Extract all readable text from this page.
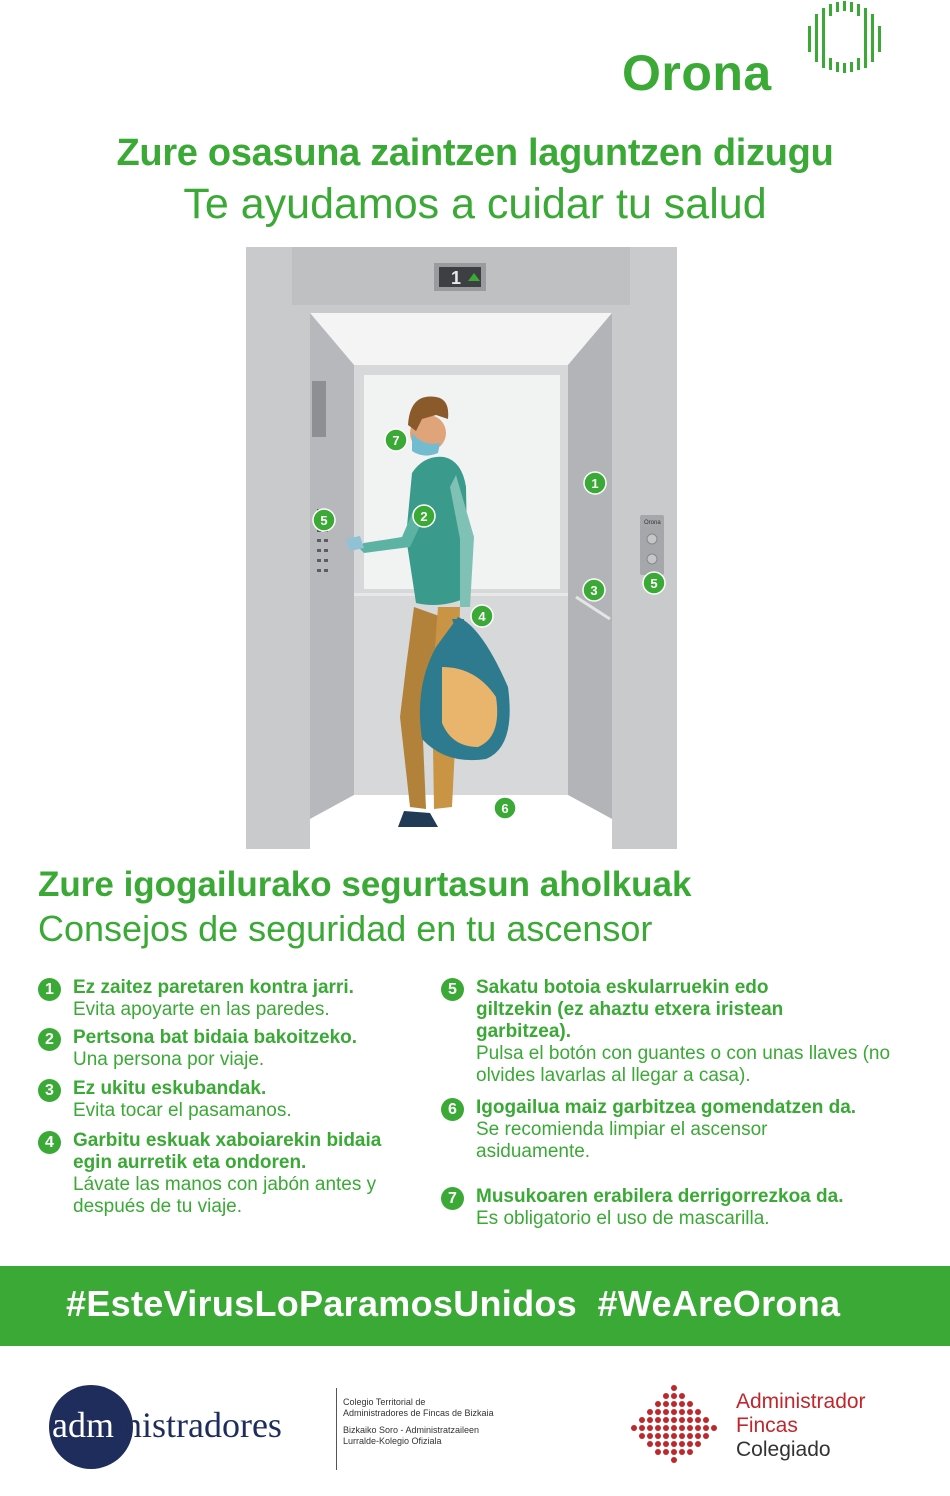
Orona
Zure osasuna zaintzen laguntzen dizugu
Te ayudamos a cuidar tu salud
1
Orona
1
2
3
4
5
5
6
7
Zure igogailurako segurtasun aholkuak
Consejos de seguridad en tu ascensor
1	Ez zaitez paretaren kontra jarri.
Evita apoyarte en las paredes.
2	Pertsona bat bidaia bakoitzeko.
Una persona por viaje.
3	Ez ukitu eskubandak.
Evita tocar el pasamanos.
4	Garbitu eskuak xaboiarekin bidaia egin aurretik eta ondoren.
Lávate las manos con jabón antes y después de tu viaje.
5	Sakatu botoia eskularruekin edo giltzekin (ez ahaztu etxera iristean garbitzea).
Pulsa el botón con guantes o con unas llaves (no olvides lavarlas al llegar a casa).
6	Igogailua maiz garbitzea gomendatzen da.
Se recomienda limpiar el ascensor asiduamente.
7	Musukoaren erabilera derrigorrezkoa da.
Es obligatorio el uso de mascarilla.
#EsteVirusLoParamosUnidos  #WeAreOrona
administradores
Colegio Territorial de
Administradores de Fincas de Bizkaia
Bizkaiko Soro - Administratzaileen
Lurralde-Kolegio Ofiziala
Administrador
Fincas
Colegiado
